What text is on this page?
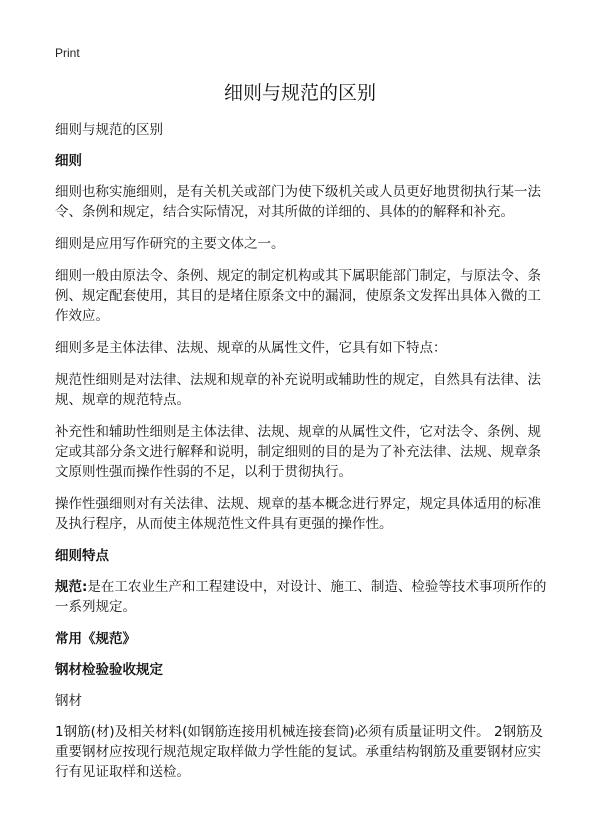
Print
细则与规范的区别

细则与规范的区别

细则

细则也称实施细则，是有关机关或部门为使下级机关或人员更好地贯彻执行某一法令、条例和规定，结合实际情况，对其所做的详细的、具体的的解释和补充。

细则是应用写作研究的主要文体之一。

细则一般由原法令、条例、规定的制定机构或其下属职能部门制定，与原法令、条例、规定配套使用，其目的是堵住原条文中的漏洞，使原条文发挥出具体入微的工作效应。

细则多是主体法律、法规、规章的从属性文件，它具有如下特点：

规范性细则是对法律、法规和规章的补充说明或辅助性的规定，自然具有法律、法规、规章的规范特点。

补充性和辅助性细则是主体法律、法规、规章的从属性文件，它对法令、条例、规定或其部分条文进行解释和说明，制定细则的目的是为了补充法律、法规、规章条文原则性强而操作性弱的不足，以利于贯彻执行。

操作性强细则对有关法律、法规、规章的基本概念进行界定，规定具体适用的标准及执行程序，从而使主体规范性文件具有更强的操作性。

细则特点

规范:是在工农业生产和工程建设中，对设计、施工、制造、检验等技术事项所作的一系列规定。

常用《规范》
钢材检验验收规定

钢材

1钢筋(材)及相关材料(如钢筋连接用机械连接套筒)必须有质量证明文件。 2钢筋及重要钢材应按现行规范规定取样做力学性能的复试。承重结构钢筋及重要钢材应实行有见证取样和送检。
